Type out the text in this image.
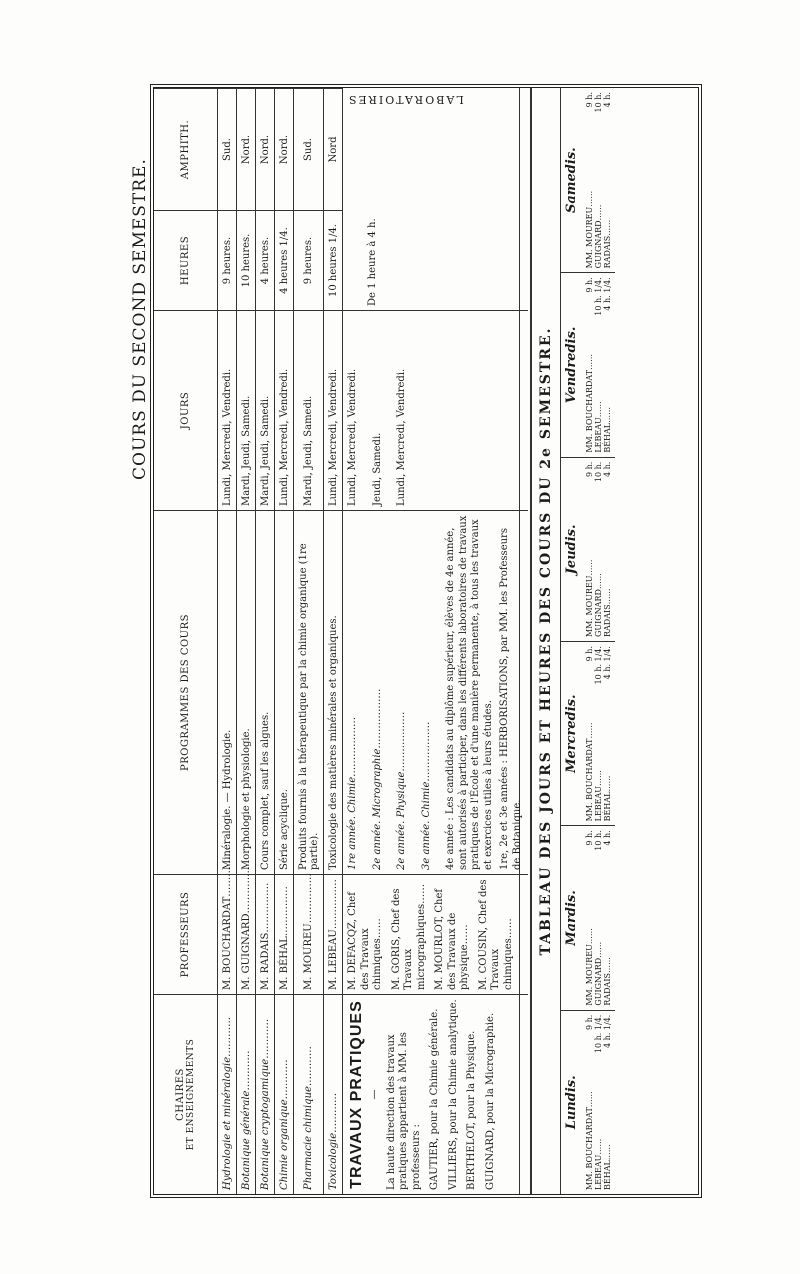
COURS DU SECOND SEMESTRE.
CHAIRES ET ENSEIGNEMENTS
PROFESSEURS
PROGRAMMES DES COURS
JOURS
HEURES
AMPHITH.
Hydrologie et minéralogie…………
M. BOUCHARDAT……………
Minéralogie. — Hydrologie.
Lundi, Mercredi, Vendredi.
9 heures.
Sud.
Botanique générale…………
M. GUIGNARD……………
Morphologie et physiologie.
Mardi, Jeudi, Samedi.
10 heures.
Nord.
Botanique cryptogamique…………
M. RADAIS……………
Cours complet, sauf les algues.
Mardi, Jeudi, Samedi.
4 heures.
Nord.
Chimie organique…………
M. BÉHAL……………
Série acyclique.
Lundi, Mercredi, Vendredi.
4 heures 1/4.
Nord.
Pharmacie chimique…………
M. MOUREU……………
Produits fournis à la thérapeutique par la chimie organique (1re partie).
Mardi, Jeudi, Samedi.
9 heures.
Sud.
Toxicologie…………
M. LEBEAU……………
Toxicologie des matières minérales et organiques.
Lundi, Mercredi, Vendredi.
10 heures 1/4.
Nord
TRAVAUX PRATIQUES — La haute direction des travaux pratiques appartient à MM. les professeurs : GAUTIER, pour la Chimie générale. VILLIERS, pour la Chimie analytique. BERTHELOT, pour la Physique. GUIGNARD, pour la Micrographie.
M. DEFACQZ, Chef des Travaux chimiques…… M. GORIS, Chef des Travaux micrographiques…… M. MOURLOT, Chef des Travaux de physique…… M. COUSIN, Chef des Travaux chimiques……
1re année. Chimie……………… 2e année. Micrographie……………… 2e année. Physique……………… 3e année. Chimie……………… 4e année : Les candidats au diplôme supérieur, élèves de 4e année, sont autorisés à participer, dans les différents laboratoires de travaux pratiques de l'École et d'une manière permanente, à tous les travaux et exercices utiles à leurs études. 1re, 2e et 3e années : HERBORISATIONS, par MM. les Professeurs de Botanique.
Lundi, Mercredi, Vendredi. Jeudi, Samedi. Lundi, Mercredi, Vendredi.
De 1 heure à 4 h.
LABORATOIRES
TABLEAU DES JOURS ET HEURES DES COURS DU 2e SEMESTRE.
Lundis. MM. BOUCHARDAT……
9 h.
LEBEAU……
10 h. 1/4.
BÉHAL……
4 h. 1/4.
Mardis.
MM. MOUREU……
9 h.
GUIGNARD……
10 h.
RADAIS……
4 h.
Mercredis. MM. BOUCHARDAT……
9 h.
LEBEAU……
10 h. 1/4.
BÉHAL……
4 h. 1/4.
Jeudis.
MM. MOUREU……
9 h.
GUIGNARD……
10 h.
RADAIS……
4 h.
Vendredis. MM. BOUCHARDAT……
9 h.
LEBEAU……
10 h. 1/4.
BÉHAL……
4 h. 1/4.
Samedis.
MM. MOUREU……
9 h.
GUIGNARD……
10 h.
RADAIS……
4 h.
